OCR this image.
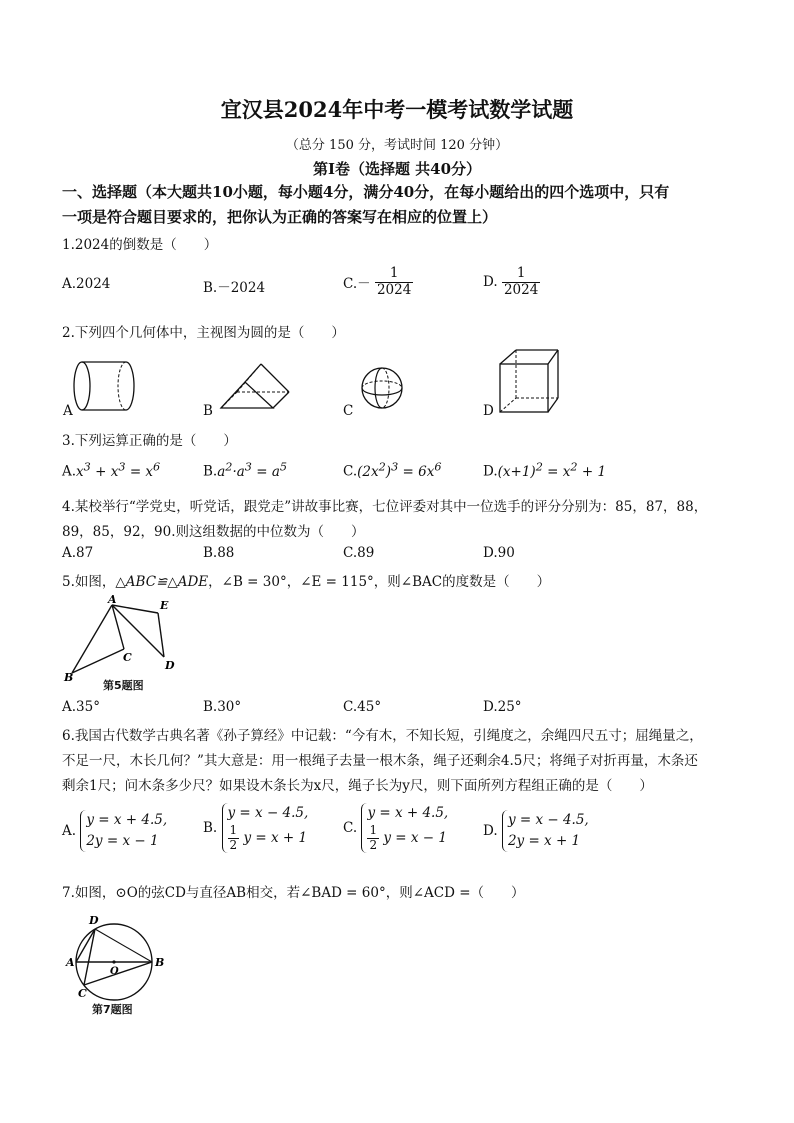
宜汉县2024年中考一模考试数学试题
（总分 150 分，考试时间 120 分钟）
第Ⅰ卷（选择题 共40分）
一、选择题（本大题共10小题，每小题4分，满分40分，在每小题给出的四个选项中，只有
一项是符合题目要求的，把你认为正确的答案写在相应的位置上）
1.2024的倒数是（　　）
A.2024	B.－2024	$C.- \frac{1}{2024}$	D. $\frac{1}{2024}$
2.下列四个几何体中，主视图为圆的是（　　）
A	B	C	D
3.下列运算正确的是（　　）
$A.x^3 + x^3 = x^6$	$B.a^2\cdot a^3 = a^5$	$C.(2x^2)^3 = 6x^6$	$D.(x+1)^2 = x^2 + 1$
4.某校举行“学党史，听党话，跟党走”讲故事比赛，七位评委对其中一位选手的评分分别为：85，87，88，
89，85，92，90.则这组数据的中位数为（　　）
A.87	B.88	C.89	D.90
5.如图，△ABC≌△ADE，∠B = 30°，∠E = 115°，则∠BAC的度数是（　　）
A
B
C
D
E
第5题图
A.35°	B.30°	C.45°	D.25°
6.我国古代数学古典名著《孙子算经》中记载：“今有木，不知长短，引绳度之，余绳四尺五寸；屈绳量之，
不足一尺，木长几何？”其大意是：用一根绳子去量一根木条，绳子还剩余4.5尺；将绳子对折再量，木条还
剩余1尺；问木条多少尺？如果设木条长为x尺，绳子长为y尺，则下面所列方程组正确的是（　　）
A.
y = x + 4.5,
2y = x − 1
B.
y = x − 4.5,
$\frac{1}{2}$ y = x + 1
C.
y = x + 4.5,
$\frac{1}{2}$ y = x − 1	D.
y = x − 4.5,
2y = x + 1
7.如图，⊙O的弦CD与直径AB相交，若∠BAD = 60°，则∠ACD =（　　）
D
A
O
B
C
第7题图
